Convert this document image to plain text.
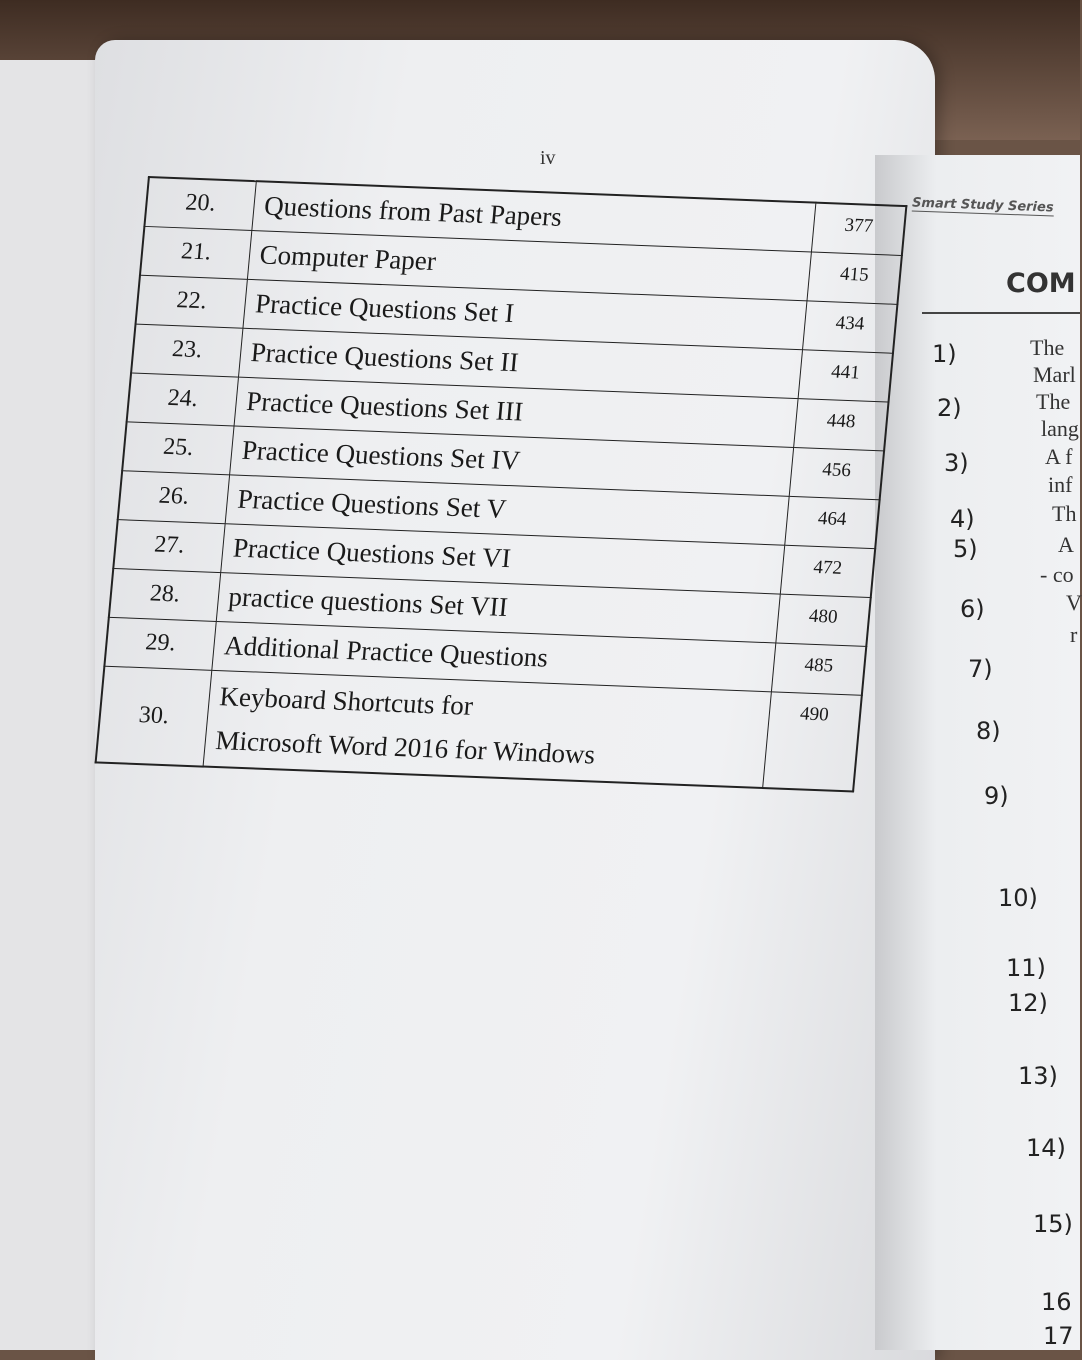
iv
20.	Questions from Past Papers	377
21.	Computer Paper	415
22.	Practice Questions Set I	434
23.	Practice Questions Set II	441
24.	Practice Questions Set III	448
25.	Practice Questions Set IV	456
26.	Practice Questions Set V	464
27.	Practice Questions Set VI	472
28.	practice questions Set VII	480
29.	Additional Practice Questions	485
30.	Keyboard Shortcuts for
Microsoft Word 2016 for Windows	490
Smart Study Series
COM
1)
2)
3)
4)
5)
6)
7)
8)
9)
10)
11)
12)
13)
14)
15)
16
17
The
Marl
The
lang
A f
inf
Th
A
- co
V
r
